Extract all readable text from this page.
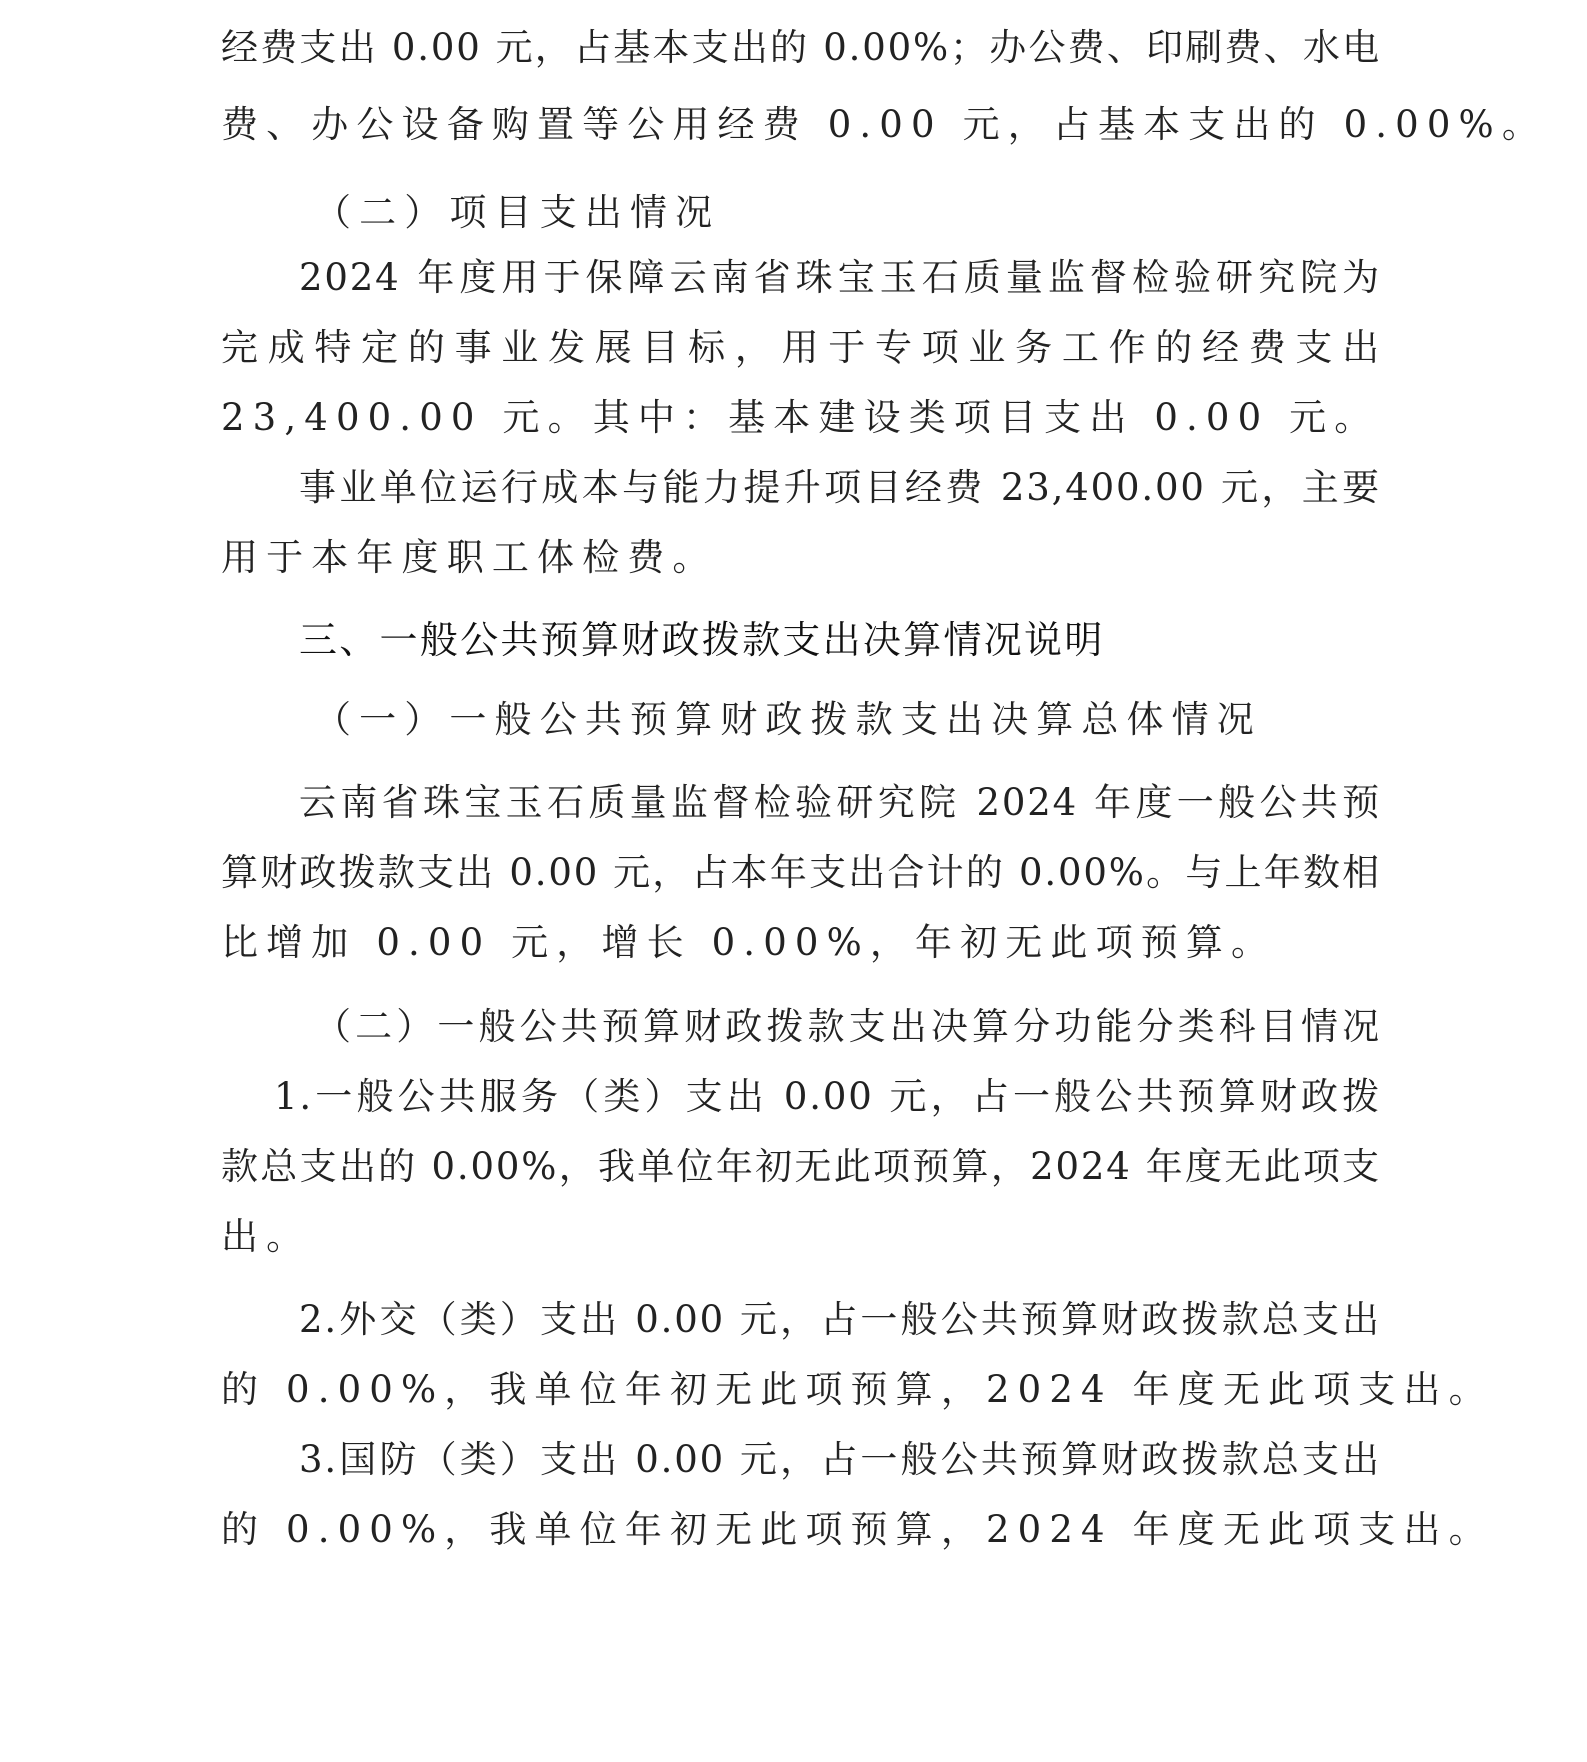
经费支出 0.00 元，占基本支出的 0.00%；办公费、印刷费、水电
费、办公设备购置等公用经费 0.00 元，占基本支出的 0.00%。
（二）项目支出情况
2024 年度用于保障云南省珠宝玉石质量监督检验研究院为
完成特定的事业发展目标，用于专项业务工作的经费支出
23,400.00 元。其中：基本建设类项目支出 0.00 元。
事业单位运行成本与能力提升项目经费 23,400.00 元，主要
用于本年度职工体检费。
三、一般公共预算财政拨款支出决算情况说明
（一）一般公共预算财政拨款支出决算总体情况
云南省珠宝玉石质量监督检验研究院 2024 年度一般公共预
算财政拨款支出 0.00 元，占本年支出合计的 0.00%。与上年数相
比增加 0.00 元，增长 0.00%，年初无此项预算。
（二）一般公共预算财政拨款支出决算分功能分类科目情况
1.一般公共服务（类）支出 0.00 元，占一般公共预算财政拨
款总支出的 0.00%，我单位年初无此项预算，2024 年度无此项支
出。
2.外交（类）支出 0.00 元，占一般公共预算财政拨款总支出
的 0.00%，我单位年初无此项预算，2024 年度无此项支出。
3.国防（类）支出 0.00 元，占一般公共预算财政拨款总支出
的 0.00%，我单位年初无此项预算，2024 年度无此项支出。
